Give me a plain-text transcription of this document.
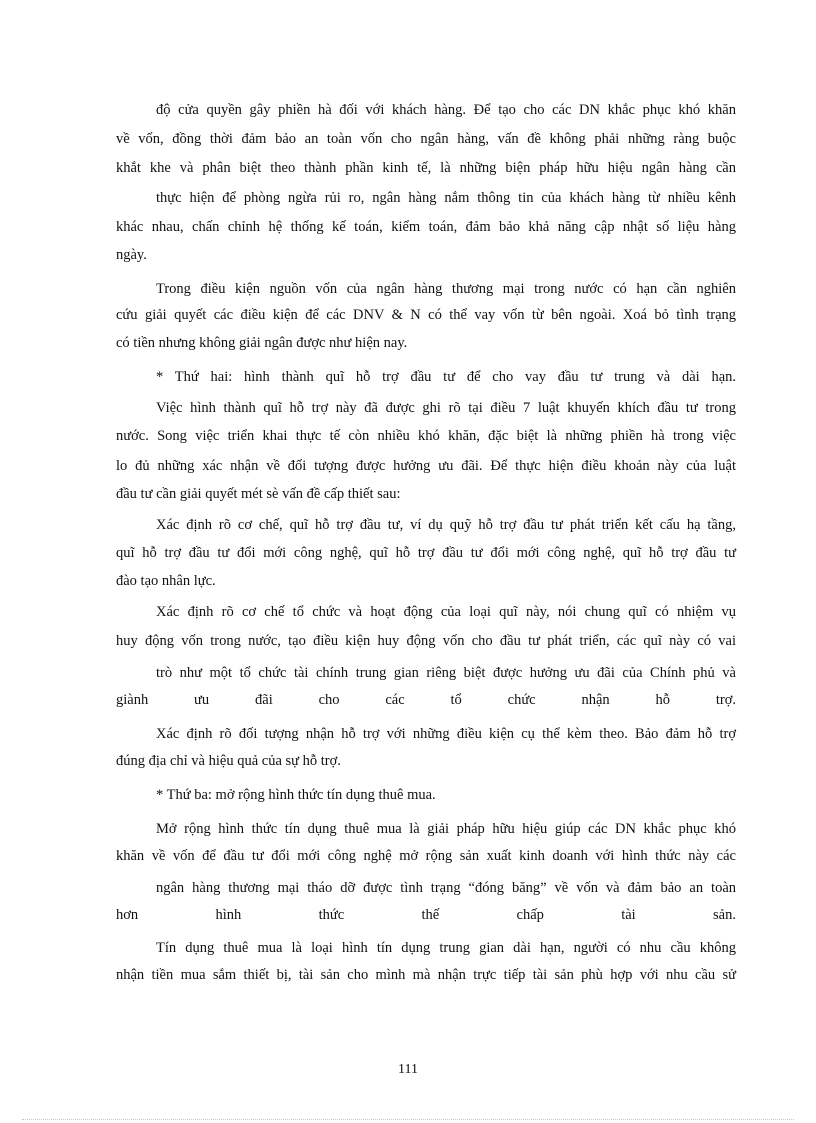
độ cửa quyền gây phiền hà đối với khách hàng. Để tạo cho các DN khắc phục khó khăn
về vốn, đồng thời đảm bảo an toàn vốn cho ngân hàng, vấn đề không phải những ràng buộc
khắt khe và phân biệt theo thành phần kinh tế, là những biện pháp hữu hiệu ngân hàng cần
thực hiện để phòng ngừa rủi ro, ngân hàng nắm thông tin của khách hàng từ nhiều kênh
khác nhau, chấn chỉnh hệ thống kế toán, kiểm toán, đảm bảo khả năng cập nhật số liệu hàng
ngày.
Trong điều kiện nguồn vốn của ngân hàng thương mại trong nước có hạn cần nghiên
cứu giải quyết các điều kiện để các DNV & N có thể vay vốn từ bên ngoài. Xoá bỏ tình trạng
có tiền nhưng không giải ngân được như hiện nay.
* Thứ hai: hình thành quĩ hỗ trợ đầu tư để cho vay đầu tư trung và dài hạn.
Việc hình thành quĩ hỗ trợ này đã được ghi rõ tại điều 7 luật khuyến khích đầu tư trong
nước. Song việc triển khai thực tế còn nhiều khó khăn, đặc biệt là những phiền hà trong việc
lo đủ những xác nhận về đối tượng được hưởng ưu đãi. Để thực hiện điều khoản này của luật
đầu tư cần giải quyết mét sè vấn đề cấp thiết sau:
Xác định rõ cơ chế, quĩ hỗ trợ đầu tư, ví dụ quỹ hỗ trợ đầu tư phát triển kết cấu hạ tầng,
quĩ hỗ trợ đầu tư đổi mới công nghệ, quĩ hỗ trợ đầu tư đổi mới công nghệ, quĩ hỗ trợ đầu tư
đào tạo nhân lực.
Xác định rõ cơ chế tổ chức và hoạt động của loại quĩ này, nói chung quĩ có nhiệm vụ
huy động vốn trong nước, tạo điều kiện huy động vốn cho đầu tư phát triển, các quĩ này có vai
trò như một tổ chức tài chính trung gian riêng biệt được hưởng ưu đãi của Chính phủ và
giành ưu đãi cho các tổ chức nhận hỗ trợ.
Xác định rõ đối tượng nhận hỗ trợ với những điều kiện cụ thể kèm theo. Bảo đảm hỗ trợ
đúng địa chỉ và hiệu quả của sự hỗ trợ.
* Thứ ba: mở rộng hình thức tín dụng thuê mua.
Mở rộng hình thức tín dụng thuê mua là giải pháp hữu hiệu giúp các DN khắc phục khó
khăn về vốn để đầu tư đổi mới công nghệ mở rộng sản xuất kinh doanh với hình thức này các
ngân hàng thương mại tháo dỡ được tình trạng “đóng băng” về vốn và đảm bảo an toàn
hơn hình thức thế chấp tài sản.
Tín dụng thuê mua là loại hình tín dụng trung gian dài hạn, người có nhu cầu không
nhận tiền mua sắm thiết bị, tài sản cho mình mà nhận trực tiếp tài sản phù hợp với nhu cầu sử
111
